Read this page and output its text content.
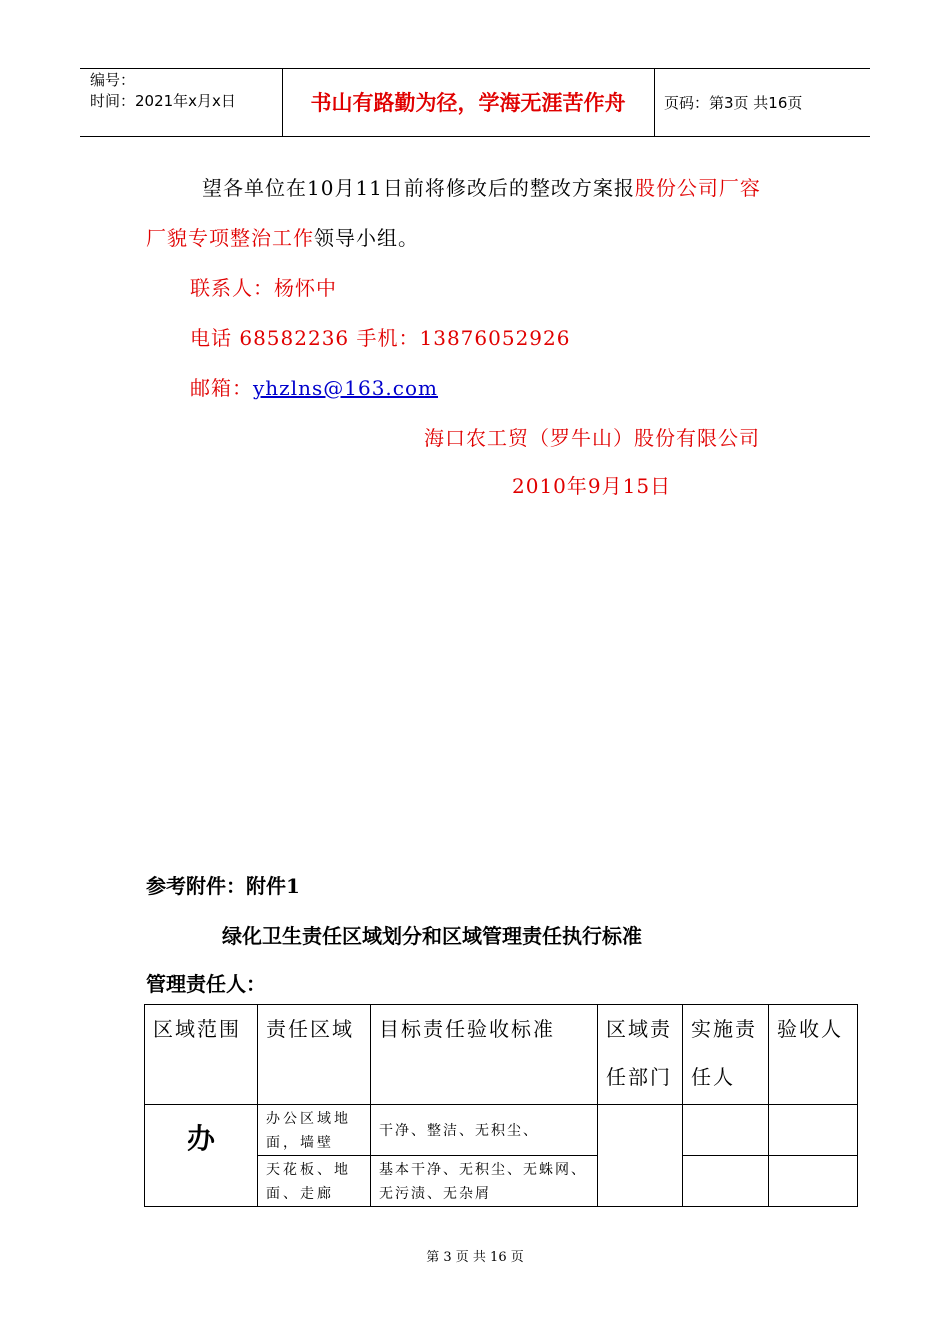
编号：
时间：2021年x月x日	书山有路勤为径，学海无涯苦作舟	页码：第3页 共16页
望各单位在10月11日前将修改后的整改方案报股份公司厂容
厂貌专项整治工作领导小组。
联系人：杨怀中
电话 68582236 手机：13876052926
邮箱：yhzlns@163.com
海口农工贸（罗牛山）股份有限公司
2010年9月15日
参考附件：附件1
绿化卫生责任区域划分和区域管理责任执行标准
管理责任人：
区域范围	责任区域	目标责任验收标准	区域责任部门	实施责任人	验收人
办	办公区域地面，墙壁	干净、整洁、无积尘、			
	天花板、地面、走廊	基本干净、无积尘、无蛛网、无污渍、无杂屑			
第 3 页 共 16 页
